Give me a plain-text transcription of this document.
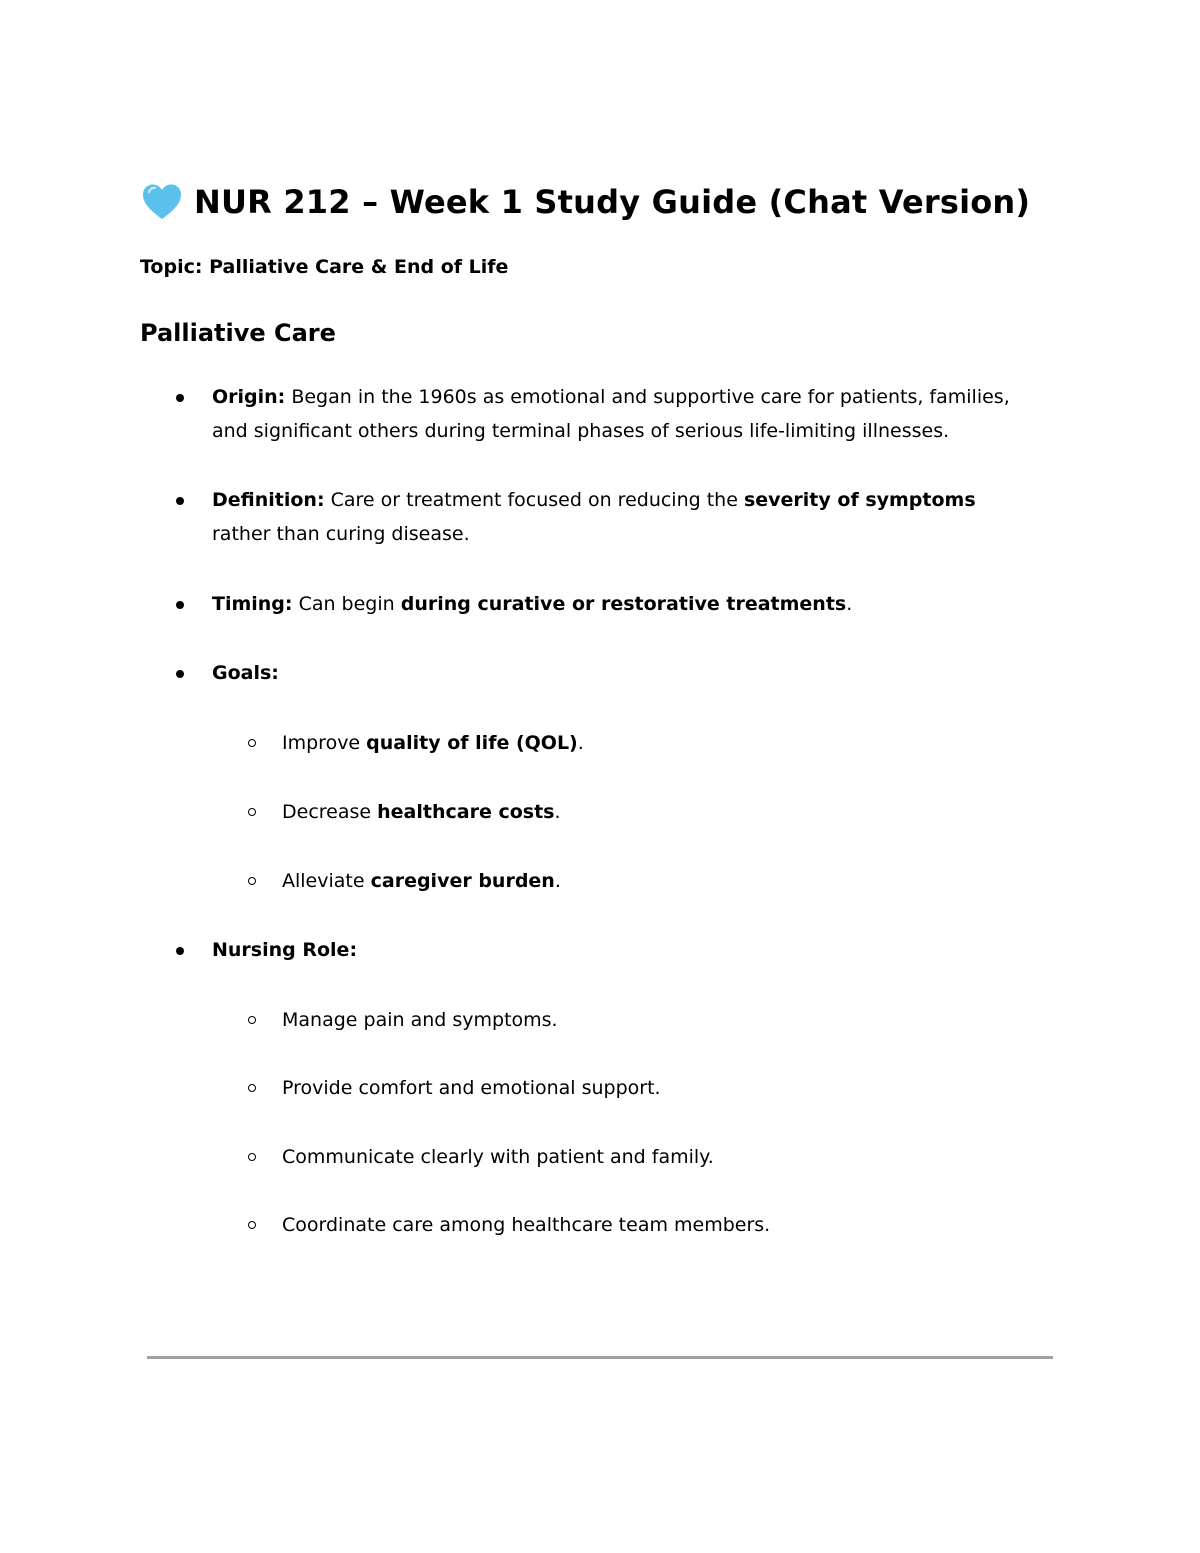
NUR 212 – Week 1 Study Guide (Chat Version)
Topic: Palliative Care & End of Life
Palliative Care
Origin: Began in the 1960s as emotional and supportive care for patients, families, and significant others during terminal phases of serious life-limiting illnesses.
Definition: Care or treatment focused on reducing the severity of symptoms
rather than curing disease.
Timing: Can begin during curative or restorative treatments.
Goals:
Improve quality of life (QOL).
Decrease healthcare costs.
Alleviate caregiver burden.
Nursing Role:
Manage pain and symptoms.
Provide comfort and emotional support.
Communicate clearly with patient and family.
Coordinate care among healthcare team members.
